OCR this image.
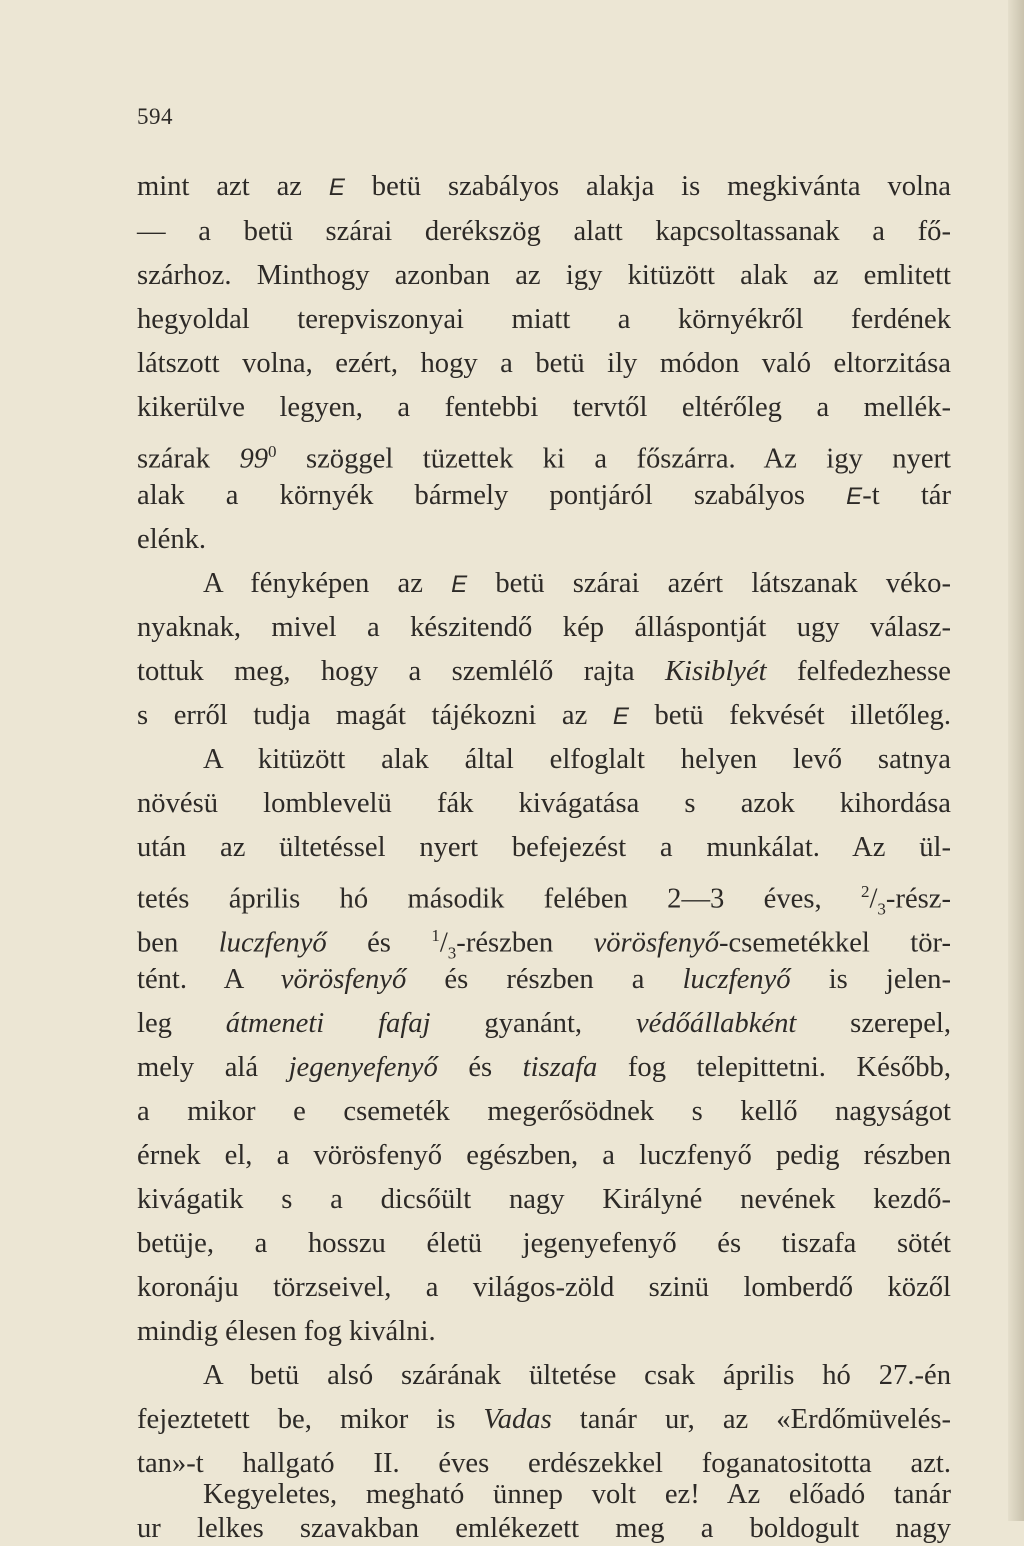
594
mint azt az E betü szabályos alakja is megkivánta volna
— a betü szárai derékszög alatt kapcsoltassanak a fő-
szárhoz. Minthogy azonban az igy kitüzött alak az emlitett
hegyoldal terepviszonyai miatt a környékről ferdének
látszott volna, ezért, hogy a betü ily módon való eltorzitása
kikerülve legyen, a fentebbi tervtől eltérőleg a mellék-
szárak $99^0$ szöggel tüzettek ki a főszárra. Az igy nyert
alak a környék bármely pontjáról szabályos E-t tár
elénk.
A fényképen az E betü szárai azért látszanak véko-
nyaknak, mivel a készitendő kép álláspontját ugy válasz-
tottuk meg, hogy a szemlélő rajta Kisiblyét felfedezhesse
s erről tudja magát tájékozni az E betü fekvését illetőleg.
A kitüzött alak által elfoglalt helyen levő satnya
növésü lomblevelü fák kivágatása s azok kihordása
után az ültetéssel nyert befejezést a munkálat. Az ül-
tetés április hó második felében 2—3 éves, $^2/_3-rész-$
ben luczfenyő és $^1/_3$-részben vörösfenyő-csemetékkel tör-
tént. A vörösfenyő és részben a luczfenyő is jelen-
leg átmeneti fafaj gyanánt, védőállabként szerepel,
mely alá jegenyefenyő és tiszafa fog telepittetni. Később,
a mikor e csemeték megerősödnek s kellő nagyságot
érnek el, a vörösfenyő egészben, a luczfenyő pedig részben
kivágatik s a dicsőült nagy Királyné nevének kezdő-
betüje, a hosszu életü jegenyefenyő és tiszafa sötét
koronáju törzseivel, a világos-zöld szinü lomberdő közől
mindig élesen fog kiválni.
A betü alsó szárának ültetése csak április hó 27.-én
fejeztetett be, mikor is Vadas tanár ur, az «Erdőmüvelés-
tan»-t hallgató II. éves erdészekkel foganatositotta azt.
Kegyeletes, megható ünnep volt ez! Az előadó tanár
ur lelkes szavakban emlékezett meg a boldogult nagy
